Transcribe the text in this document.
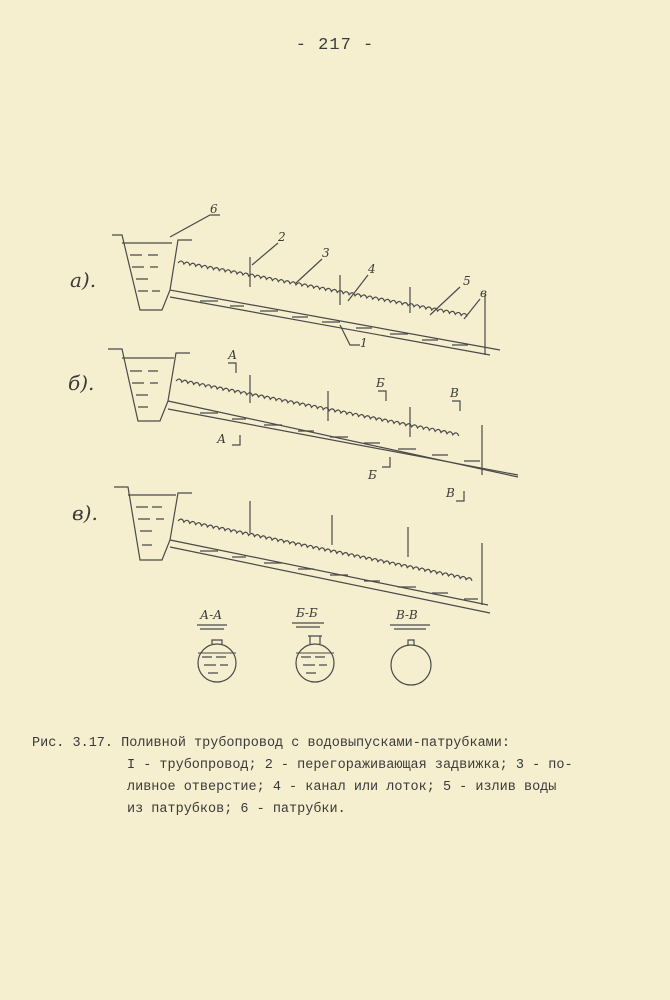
- 217 -
а).
б).
в).
6
2
3
4
5
в
1
А
А
Б
Б
В
В
А-А	Б-Б	В-В
Рис. 3.17. Поливной трубопровод с водовыпусками-патрубками:
I - трубопровод; 2 - перегораживающая задвижка; 3 - по-
ливное отверстие; 4 - канал или лоток; 5 - излив воды
из патрубков; 6 - патрубки.
